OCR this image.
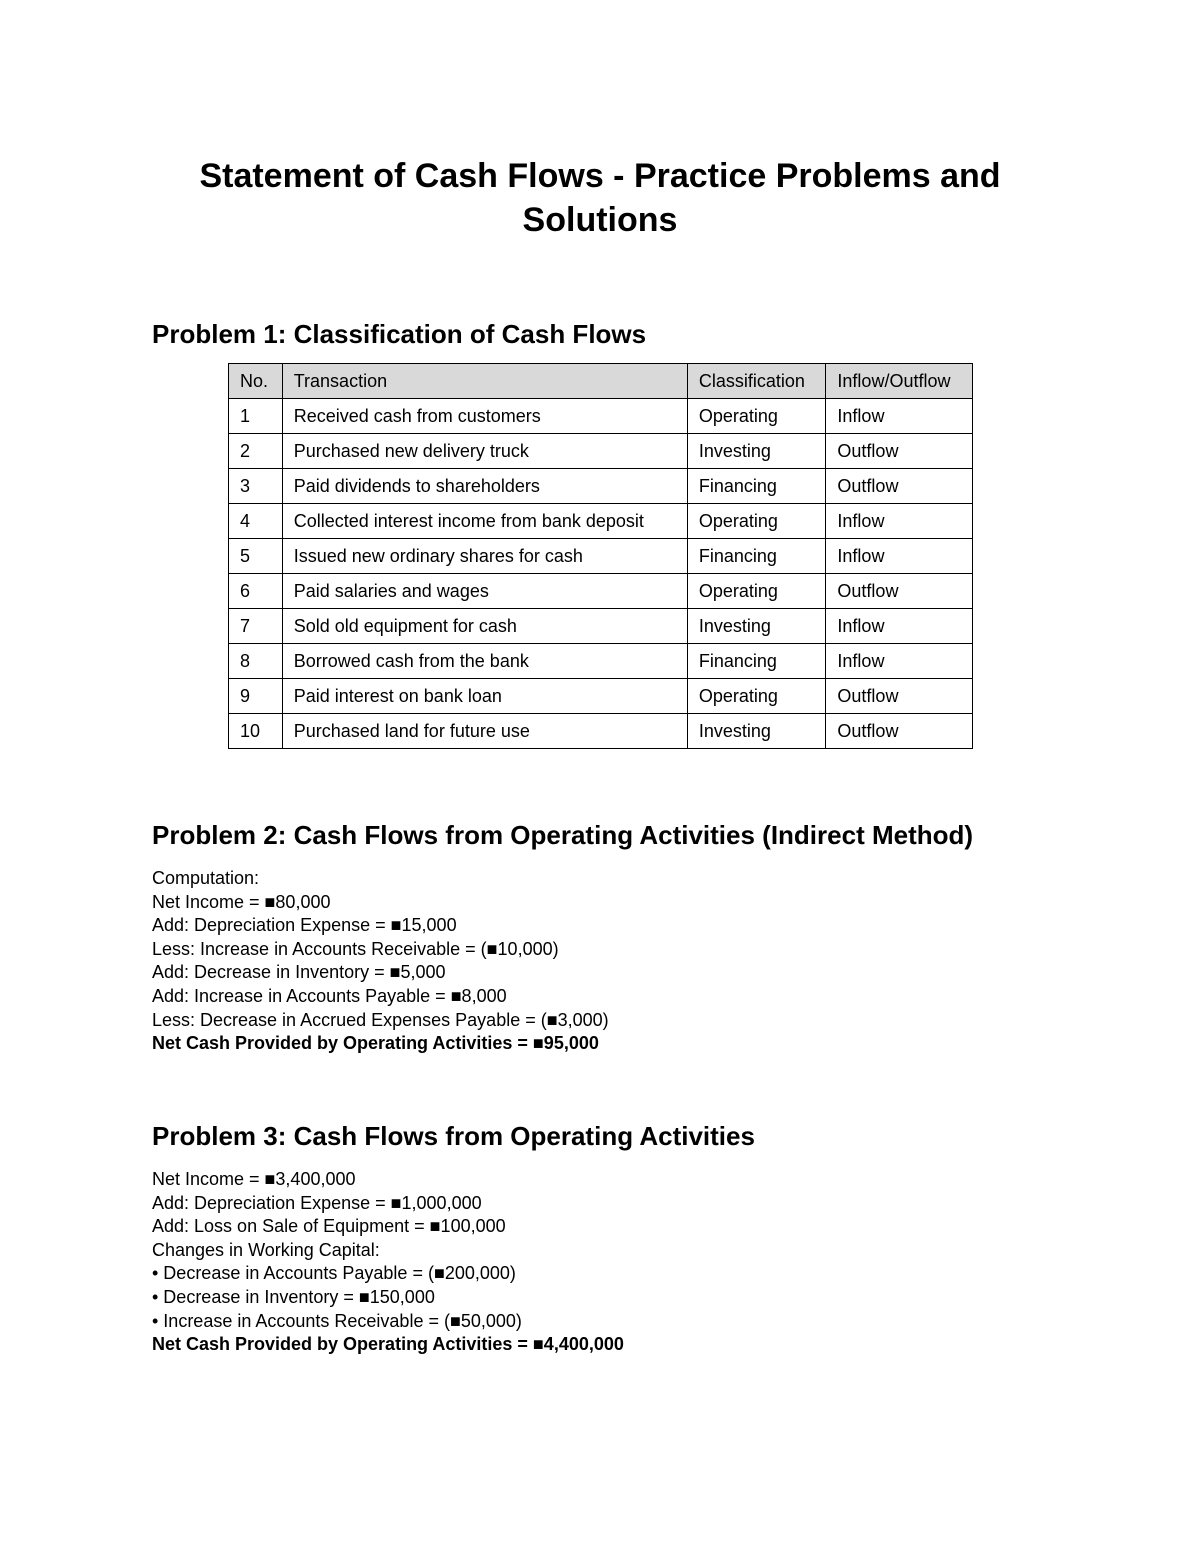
Statement of Cash Flows - Practice Problems and
Solutions
Problem 1: Classification of Cash Flows
No.	Transaction	Classification	Inflow/Outflow
1	Received cash from customers	Operating	Inflow
2	Purchased new delivery truck	Investing	Outflow
3	Paid dividends to shareholders	Financing	Outflow
4	Collected interest income from bank deposit	Operating	Inflow
5	Issued new ordinary shares for cash	Financing	Inflow
6	Paid salaries and wages	Operating	Outflow
7	Sold old equipment for cash	Investing	Inflow
8	Borrowed cash from the bank	Financing	Inflow
9	Paid interest on bank loan	Operating	Outflow
10	Purchased land for future use	Investing	Outflow
Problem 2: Cash Flows from Operating Activities (Indirect Method)
Computation:
Net Income = ■80,000
Add: Depreciation Expense = ■15,000
Less: Increase in Accounts Receivable = (■10,000)
Add: Decrease in Inventory = ■5,000
Add: Increase in Accounts Payable = ■8,000
Less: Decrease in Accrued Expenses Payable = (■3,000)
Net Cash Provided by Operating Activities = ■95,000
Problem 3: Cash Flows from Operating Activities
Net Income = ■3,400,000
Add: Depreciation Expense = ■1,000,000
Add: Loss on Sale of Equipment = ■100,000
Changes in Working Capital:
• Decrease in Accounts Payable = (■200,000)
• Decrease in Inventory = ■150,000
• Increase in Accounts Receivable = (■50,000)
Net Cash Provided by Operating Activities = ■4,400,000
